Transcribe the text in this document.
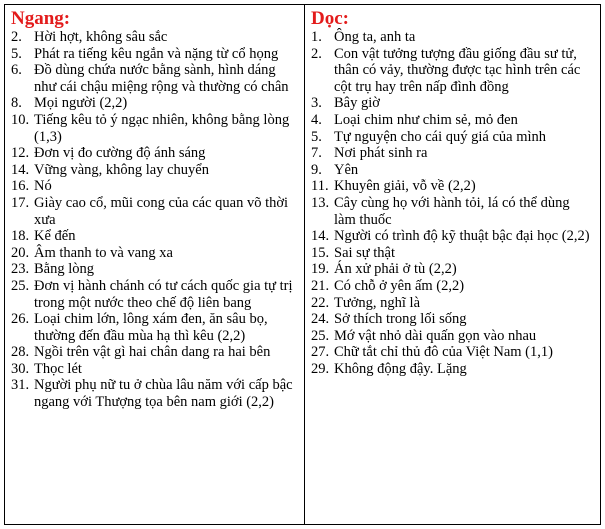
Ngang:
2. Hời hợt, không sâu sắc
5. Phát ra tiếng kêu ngắn và nặng từ cổ họng
6. Đồ dùng chứa nước bằng sành, hình dáng như cái chậu miệng rộng và thường có chân
8. Mọi người (2,2)
10. Tiếng kêu tỏ ý ngạc nhiên, không bằng lòng (1,3)
12. Đơn vị đo cường độ ánh sáng
14. Vững vàng, không lay chuyển
16. Nó
17. Giày cao cổ, mũi cong của các quan võ thời xưa
18. Kể đến
20. Âm thanh to và vang xa
23. Bằng lòng
25. Đơn vị hành chánh có tư cách quốc gia tự trị trong một nước theo chế độ liên bang
26. Loại chim lớn, lông xám đen, ăn sâu bọ, thường đến đầu mùa hạ thì kêu (2,2)
28. Ngồi trên vật gì hai chân dang ra hai bên
30. Thọc lét
31. Người phụ nữ tu ở chùa lâu năm với cấp bậc ngang với Thượng tọa bên nam giới (2,2)
Dọc:
1. Ông ta, anh ta
2. Con vật tưởng tượng đầu giống đầu sư tử, thân có vảy, thường được tạc hình trên các cột trụ hay trên nấp đình đồng
3. Bây giờ
4. Loại chim như chim sẻ, mỏ đen
5. Tự nguyện cho cái quý giá của mình
7. Nơi phát sinh ra
9. Yên
11. Khuyên giải, vỗ về (2,2)
13. Cây cùng họ với hành tỏi, lá có thể dùng làm thuốc
14. Người có trình độ kỹ thuật bậc đại học (2,2)
15. Sai sự thật
19. Án xử phải ở tù (2,2)
21. Có chỗ ở yên ấm (2,2)
22. Tưởng, nghĩ là
24. Sở thích trong lối sống
25. Mớ vật nhỏ dài quấn gọn vào nhau
27. Chữ tắt chỉ thủ đô của Việt Nam (1,1)
29. Không động đậy. Lặng
